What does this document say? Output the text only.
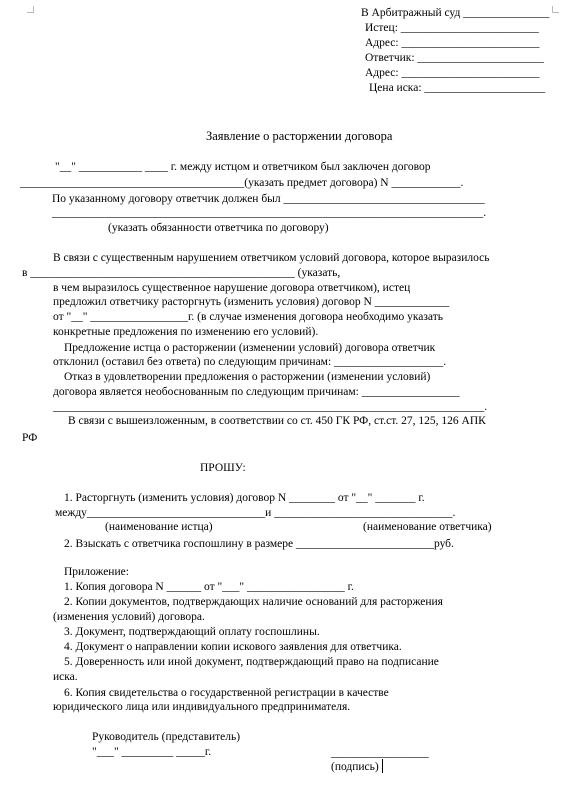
В Арбитражный суд _______________
Истец: ________________________
Адрес: ________________________
Ответчик: ______________________
Адрес: ________________________
Цена иска: _____________________
Заявление о расторжении договора
"__" ___________ ____ г. между истцом и ответчиком был заключен договор
_______________________________________(указать предмет договора) N ____________.
По указанному договору ответчик должен был ___________________________________
___________________________________________________________________________.
(указать обязанности ответчика по договору)
В связи с существенным нарушением ответчиком условий договора, которое выразилось
в ______________________________________________ (указать,
в чем выразилось существенное нарушение договора ответчиком), истец
предложил ответчику расторгнуть (изменить условия) договор N _____________
от "__" _________________г. (в случае изменения договора необходимо указать
конкретные предложения по изменению его условий).
Предложение истца о расторжении (изменении условий) договора ответчик
отклонил (оставил без ответа) по следующим причинам: ___________________.
Отказ в удовлетворении предложения о расторжении (изменении условий)
договора является необоснованным по следующим причинам: _________________
___________________________________________________________________________.
В связи с вышеизложенным, в соответствии со ст. 450 ГК РФ, ст.ст. 27, 125, 126 АПК
РФ
ПРОШУ:
1. Расторгнуть (изменить условия) договор N ________ от "__" _______ г.
между_______________________________и _______________________________.
(наименование истца)	(наименование ответчика)
2. Взыскать с ответчика госпошлину в размере ________________________руб.
Приложение:
1. Копия договора N ______ от "___" _________________ г.
2. Копии документов, подтверждающих наличие оснований для расторжения
(изменения условий) договора.
3. Документ, подтверждающий оплату госпошлины.
4. Документ о направлении копии искового заявления для ответчика.
5. Доверенность или иной документ, подтверждающий право на подписание
иска.
6. Копия свидетельства о государственной регистрации в качестве
юридического лица или индивидуального предпринимателя.
Руководитель (представитель)
"___" _________ _____г.	_________________
(подпись)
